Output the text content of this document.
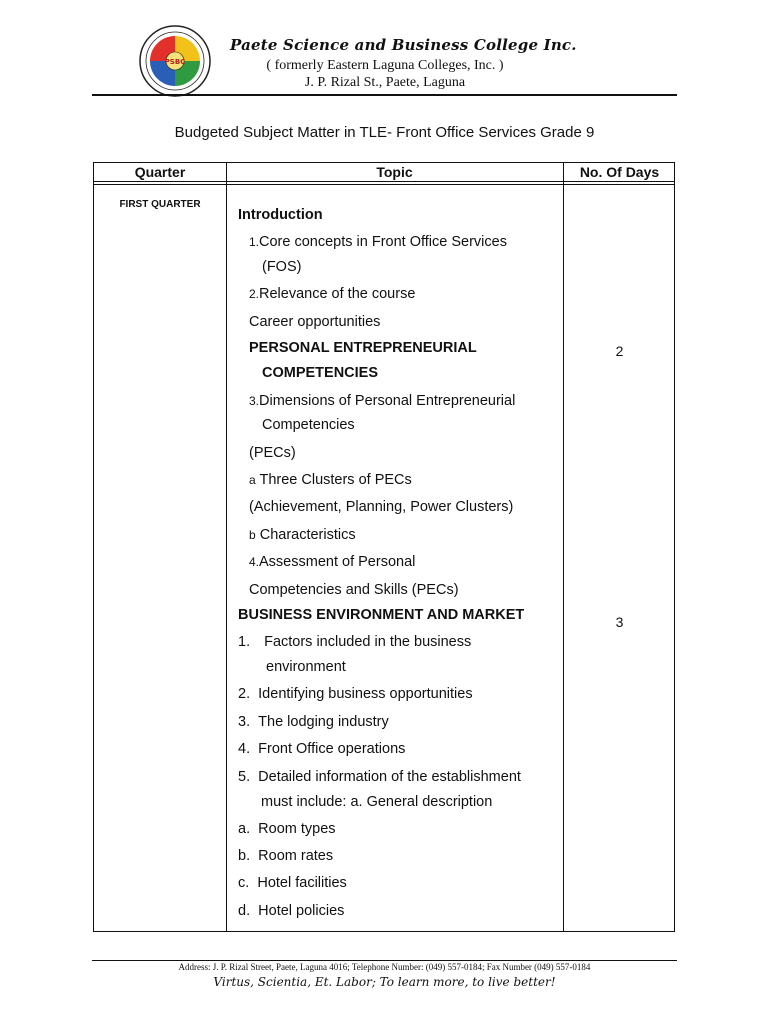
PSBC
Paete Science and Business College Inc.
( formerly Eastern Laguna Colleges, Inc. )
J. P. Rizal St., Paete, Laguna
Budgeted Subject Matter in TLE- Front Office Services Grade 9
Quarter	Topic	No. Of Days
FIRST QUARTER
2
3
Introduction
1.Core concepts in Front Office Services
(FOS)
2.Relevance of the course
Career opportunities
PERSONAL ENTREPRENEURIAL
COMPETENCIES
3.Dimensions of Personal Entrepreneurial
Competencies
(PECs)
a Three Clusters of PECs
(Achievement, Planning, Power Clusters)
b Characteristics
4.Assessment of Personal
Competencies and Skills (PECs)
BUSINESS ENVIRONMENT AND MARKET
1. Factors included in the business
environment
2. Identifying business opportunities
3. The lodging industry
4. Front Office operations
5. Detailed information of the establishment
must include: a. General description
a. Room types
b. Room rates
c. Hotel facilities
d. Hotel policies
Address: J. P. Rizal Street, Paete, Laguna 4016; Telephone Number: (049) 557-0184; Fax Number (049) 557-0184
Virtus, Scientia, Et. Labor; To learn more, to live better!
